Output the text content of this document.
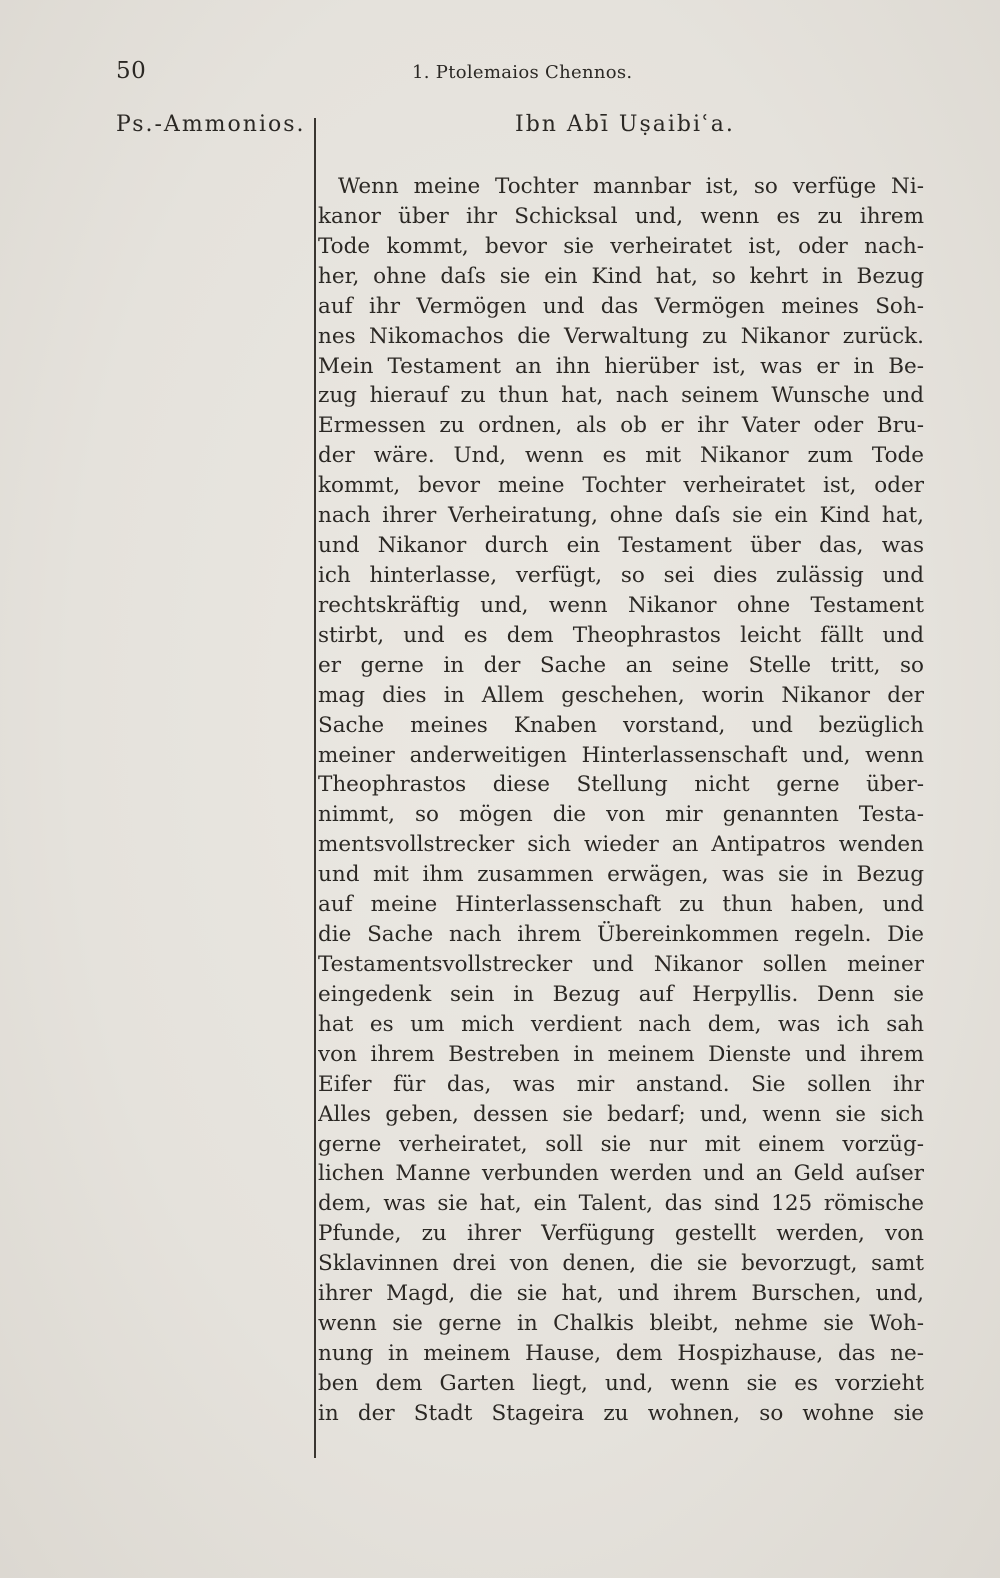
50	1. Ptolemaios Chennos.
Ps.-Ammonios.	Ibn Abī Uṣaibiʿa.
Wenn meine Tochter mannbar ist, so verfüge Ni-
kanor über ihr Schicksal und, wenn es zu ihrem
Tode kommt, bevor sie verheiratet ist, oder nach-
her, ohne daſs sie ein Kind hat, so kehrt in Bezug
auf ihr Vermögen und das Vermögen meines Soh-
nes Nikomachos die Verwaltung zu Nikanor zurück.
Mein Testament an ihn hierüber ist, was er in Be-
zug hierauf zu thun hat, nach seinem Wunsche und
Ermessen zu ordnen, als ob er ihr Vater oder Bru-
der wäre. Und, wenn es mit Nikanor zum Tode
kommt, bevor meine Tochter verheiratet ist, oder
nach ihrer Verheiratung, ohne daſs sie ein Kind hat,
und Nikanor durch ein Testament über das, was
ich hinterlasse, verfügt, so sei dies zulässig und
rechtskräftig und, wenn Nikanor ohne Testament
stirbt, und es dem Theophrastos leicht fällt und
er gerne in der Sache an seine Stelle tritt, so
mag dies in Allem geschehen, worin Nikanor der
Sache meines Knaben vorstand, und bezüglich
meiner anderweitigen Hinterlassenschaft und, wenn
Theophrastos diese Stellung nicht gerne über-
nimmt, so mögen die von mir genannten Testa-
mentsvollstrecker sich wieder an Antipatros wenden
und mit ihm zusammen erwägen, was sie in Bezug
auf meine Hinterlassenschaft zu thun haben, und
die Sache nach ihrem Übereinkommen regeln. Die
Testamentsvollstrecker und Nikanor sollen meiner
eingedenk sein in Bezug auf Herpyllis. Denn sie
hat es um mich verdient nach dem, was ich sah
von ihrem Bestreben in meinem Dienste und ihrem
Eifer für das, was mir anstand. Sie sollen ihr
Alles geben, dessen sie bedarf; und, wenn sie sich
gerne verheiratet, soll sie nur mit einem vorzüg-
lichen Manne verbunden werden und an Geld auſser
dem, was sie hat, ein Talent, das sind 125 römische
Pfunde, zu ihrer Verfügung gestellt werden, von
Sklavinnen drei von denen, die sie bevorzugt, samt
ihrer Magd, die sie hat, und ihrem Burschen, und,
wenn sie gerne in Chalkis bleibt, nehme sie Woh-
nung in meinem Hause, dem Hospizhause, das ne-
ben dem Garten liegt, und, wenn sie es vorzieht
in der Stadt Stageira zu wohnen, so wohne sie
